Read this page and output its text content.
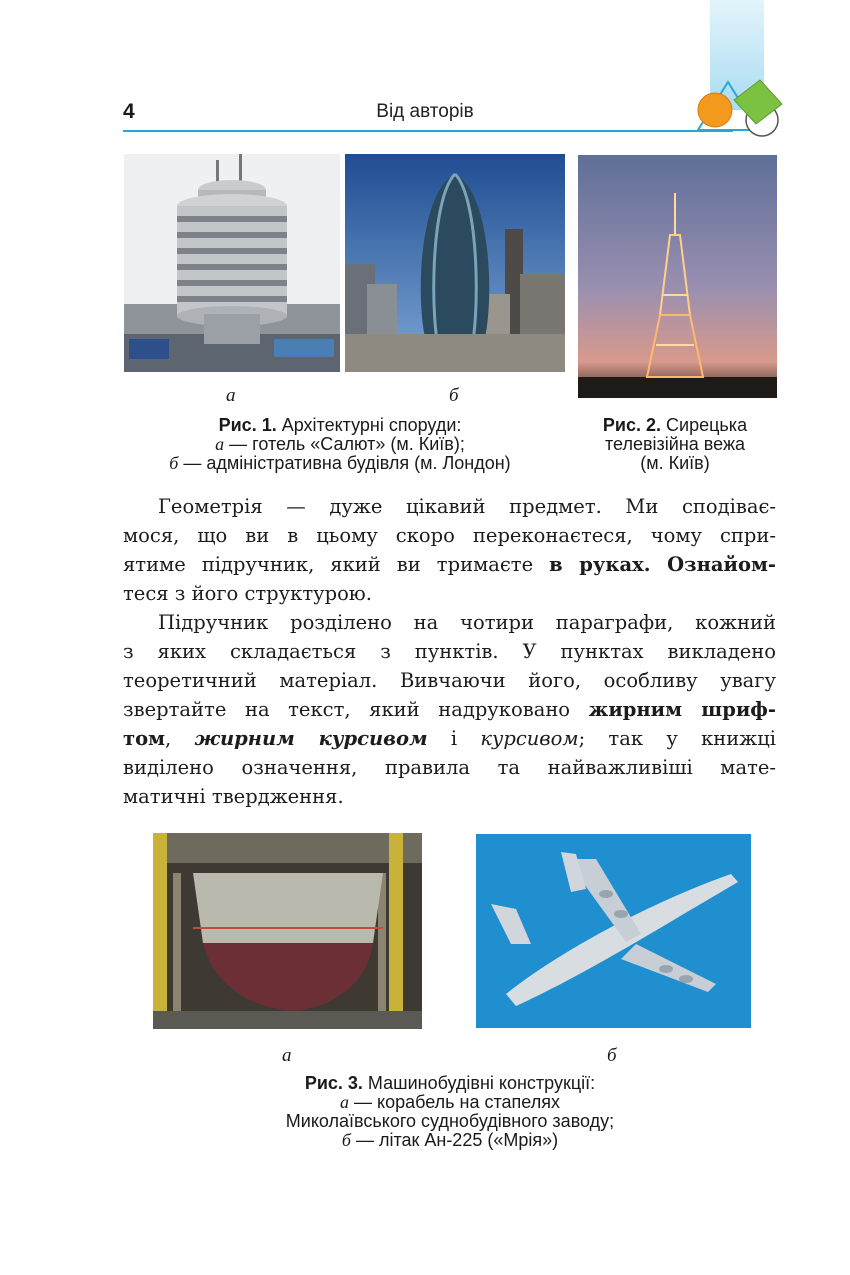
4	Від авторів
а	б
Рис. 1. Архітектурні споруди:
а — готель «Салют» (м. Київ);
б — адміністративна будівля (м. Лондон)
Рис. 2. Сирецька
телевізійна вежа
(м. Київ)
Геометрія — дуже цікавий предмет. Ми сподіває-
мося, що ви в цьому скоро переконаєтеся, чому спри-
ятиме підручник, який ви тримаєте в руках. Ознайом-
теся з його структурою.
Підручник розділено на чотири параграфи, кожний
з яких складається з пунктів. У пунктах викладено
теоретичний матеріал. Вивчаючи його, особливу увагу
звертайте на текст, який надруковано жирним шриф-
том, жирним курсивом і курсивом; так у книжці
виділено означення, правила та найважливіші мате-
матичні твердження.
а	б
Рис. 3. Машинобудівні конструкції:
а — корабель на стапелях
Миколаївського суднобудівного заводу;
б — літак Ан-225 («Мрія»)
